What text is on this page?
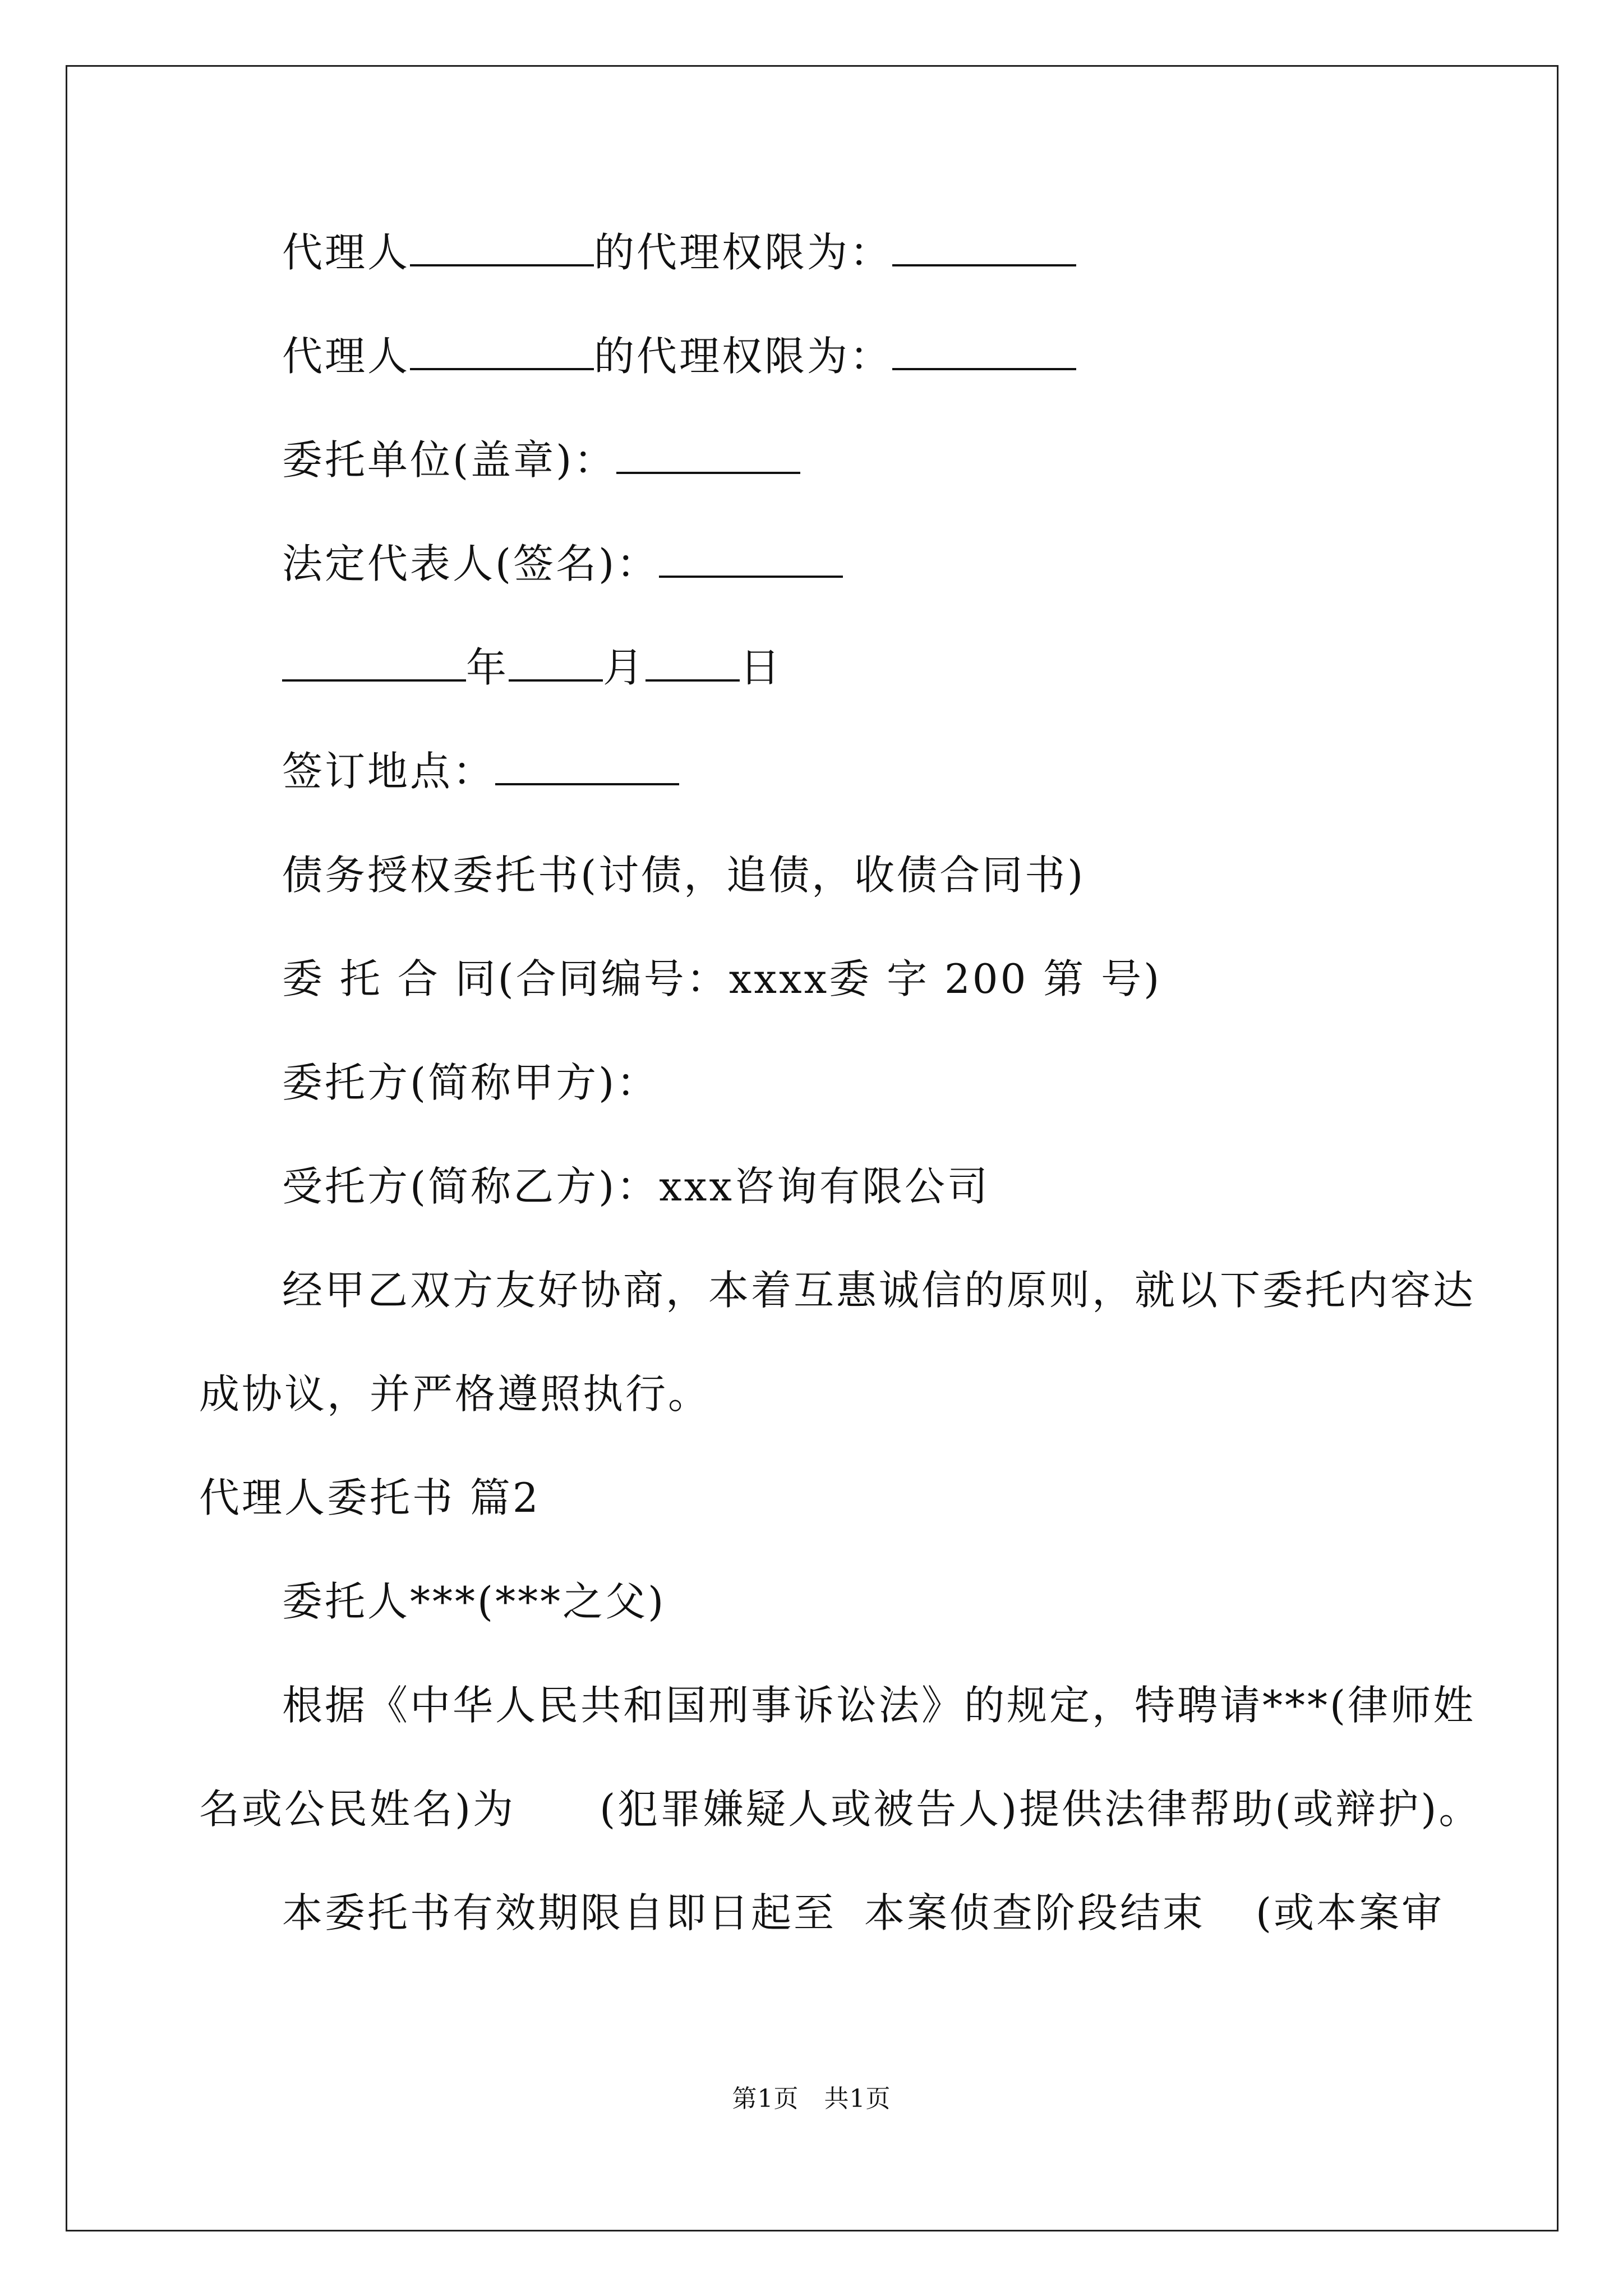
代理人	的代理权限为：
代理人	的代理权限为：
委托单位(盖章)：
法定代表人(签名)：
年 月 日
签订地点：
债务授权委托书(讨债，追债，收债合同书)
委 托 合 同(合同编号：xxxx委 字 200 第 号)
委托方(简称甲方)：
受托方(简称乙方)：xxx咨询有限公司
经甲乙双方友好协商，本着互惠诚信的原则，就以下委托内容达
成协议，并严格遵照执行。
代理人委托书 篇2
委托人***(***之父)
根据《中华人民共和国刑事诉讼法》的规定，特聘请***(律师姓
名或公民姓名)为 (犯罪嫌疑人或被告人)提供法律帮助(或辩护)。
本委托书有效期限自即日起至 本案侦查阶段结束 (或本案审
第1页　共1页
